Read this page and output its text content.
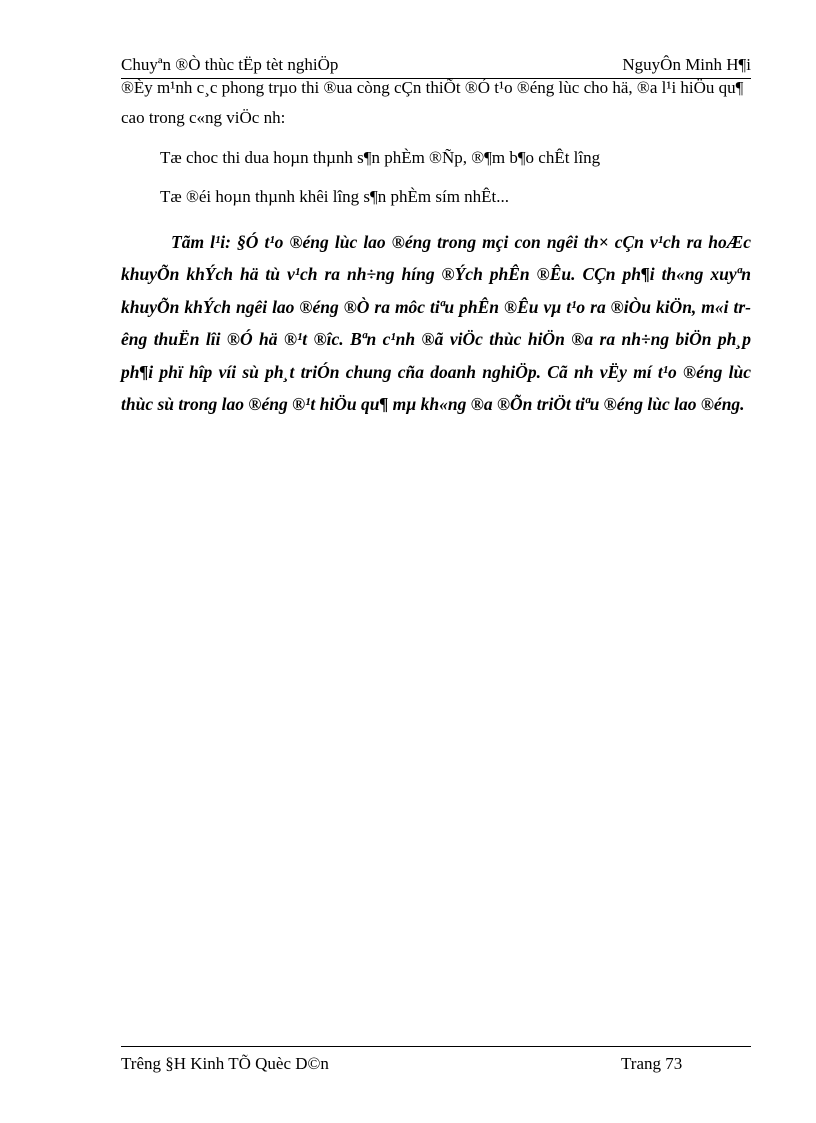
Chuyªn ®Ò thùc tËp tèt nghiÖp	NguyÔn Minh H¶i

®Èy m¹nh c¸c phong trµo thi ®ua còng cÇn thiÕt ®Ó t¹o ®éng lùc cho hä, ®a l¹i hiÖu qu¶ cao trong c«ng viÖc nh:

Tæ choc thi dua hoµn thµnh s¶n phÈm ®Ñp, ®¶m b¶o chÊt lîng

Tæ ®éi hoµn thµnh khêi lîng s¶n phÈm sím nhÊt...

Tãm l¹i: §Ó t¹o ®éng lùc lao ®éng trong mçi con ngêi th× cÇn v¹ch ra hoÆc khuyÕn khÝch hä tù v¹ch ra nh÷ng híng ®Ých phÊn ®Êu. CÇn ph¶i th«ng xuyªn khuyÕn khÝch ngêi lao ®éng ®Ò ra môc tiªu phÊn ®Êu vµ t¹o ra ®iÒu kiÖn, m«i trêng thuËn lîi ®Ó hä ®¹t ®îc. Bªn c¹nh ®ã viÖc thùc hiÖn ®a ra nh÷ng biÖn ph¸p ph¶i phï hîp víi sù ph¸t triÓn chung cña doanh nghiÖp. Cã nh vËy mí t¹o ®éng lùc thùc sù trong lao ®éng ®¹t hiÖu qu¶ mµ kh«ng ®a ®Õn triÖt tiªu ®éng lùc lao ®éng.

Trêng §H Kinh TÕ Quèc D©n	Trang 73
